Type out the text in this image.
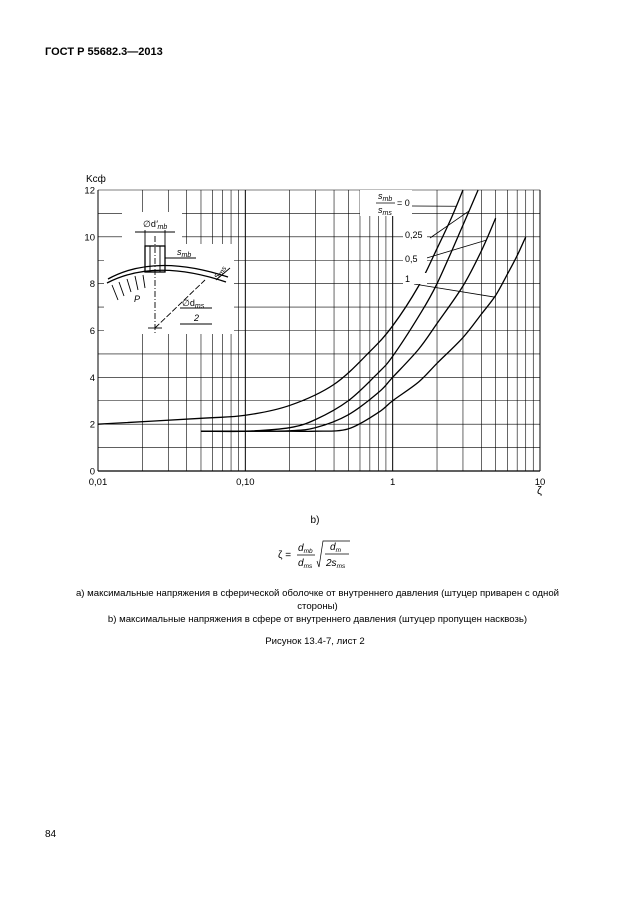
ГОСТ Р 55682.3—2013
0,01	0,10	1	10
0
2
4
6
8
10
12
Kсф
ζ
$s_{mb}$
$s_{ms}$
= 0
0,25
0,5
1
$\emptyset d'_{mb}$
$s_{mb}$
$s_{ms}$
P	$\emptyset d_{ms}$
2
b)
ζ =
$d_{mb}$
$d_{ms}$
$d_m$
$2s_{ms}$
a) максимальные напряжения в сферической оболочке от внутреннего давления (штуцер приварен с одной стороны)
b) максимальные напряжения в сфере от внутреннего давления (штуцер пропущен насквозь)
Рисунок 13.4-7, лист 2
84
